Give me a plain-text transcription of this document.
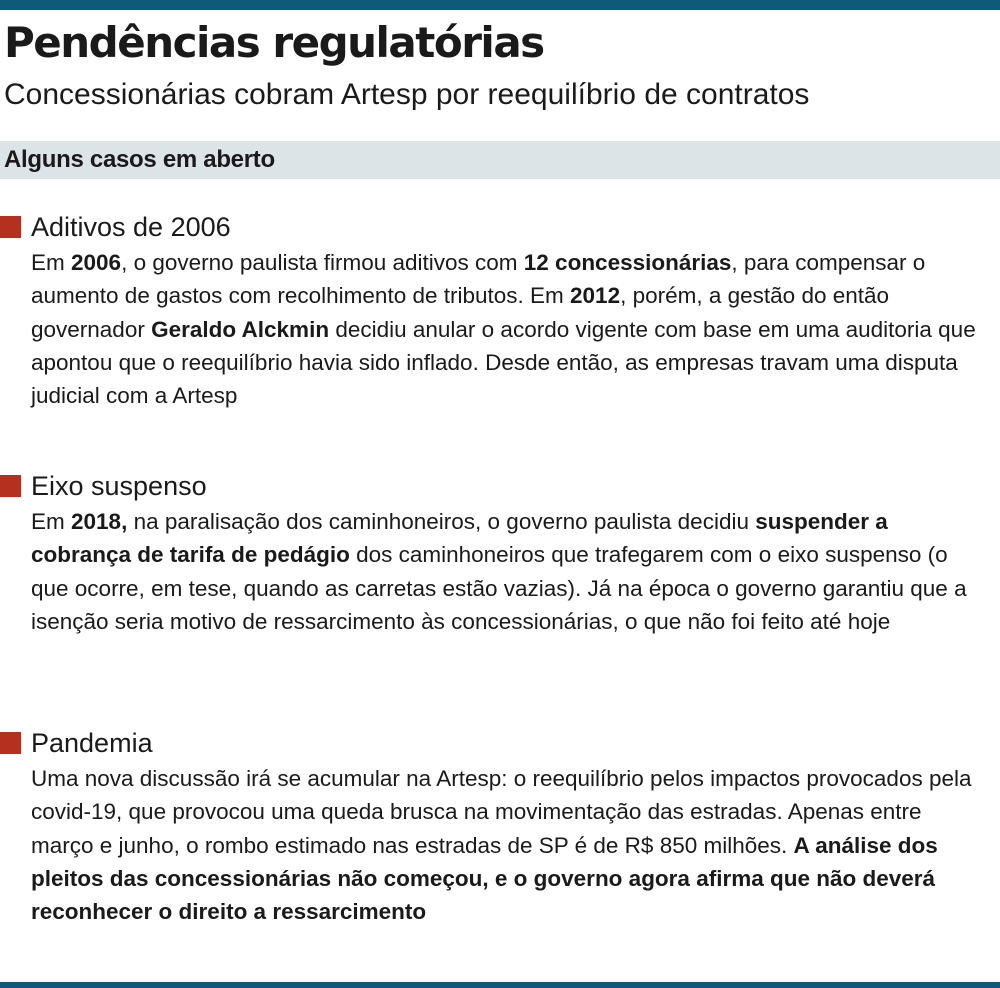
Pendências regulatórias
Concessionárias cobram Artesp por reequilíbrio de contratos
Alguns casos em aberto
Aditivos de 2006
Em 2006, o governo paulista firmou aditivos com 12 concessionárias, para compensar o aumento de gastos com recolhimento de tributos. Em 2012, porém, a gestão do então governador Geraldo Alckmin decidiu anular o acordo vigente com base em uma auditoria que apontou que o reequilíbrio havia sido inflado. Desde então, as empresas travam uma disputa judicial com a Artesp
Eixo suspenso
Em 2018, na paralisação dos caminhoneiros, o governo paulista decidiu suspender a cobrança de tarifa de pedágio dos caminhoneiros que trafegarem com o eixo suspenso (o que ocorre, em tese, quando as carretas estão vazias). Já na época o governo garantiu que a isenção seria motivo de ressarcimento às concessionárias, o que não foi feito até hoje
Pandemia
Uma nova discussão irá se acumular na Artesp: o reequilíbrio pelos impactos provocados pela covid-19, que provocou uma queda brusca na movimentação das estradas. Apenas entre março e junho, o rombo estimado nas estradas de SP é de R$ 850 milhões. A análise dos pleitos das concessionárias não começou, e o governo agora afirma que não deverá reconhecer o direito a ressarcimento
